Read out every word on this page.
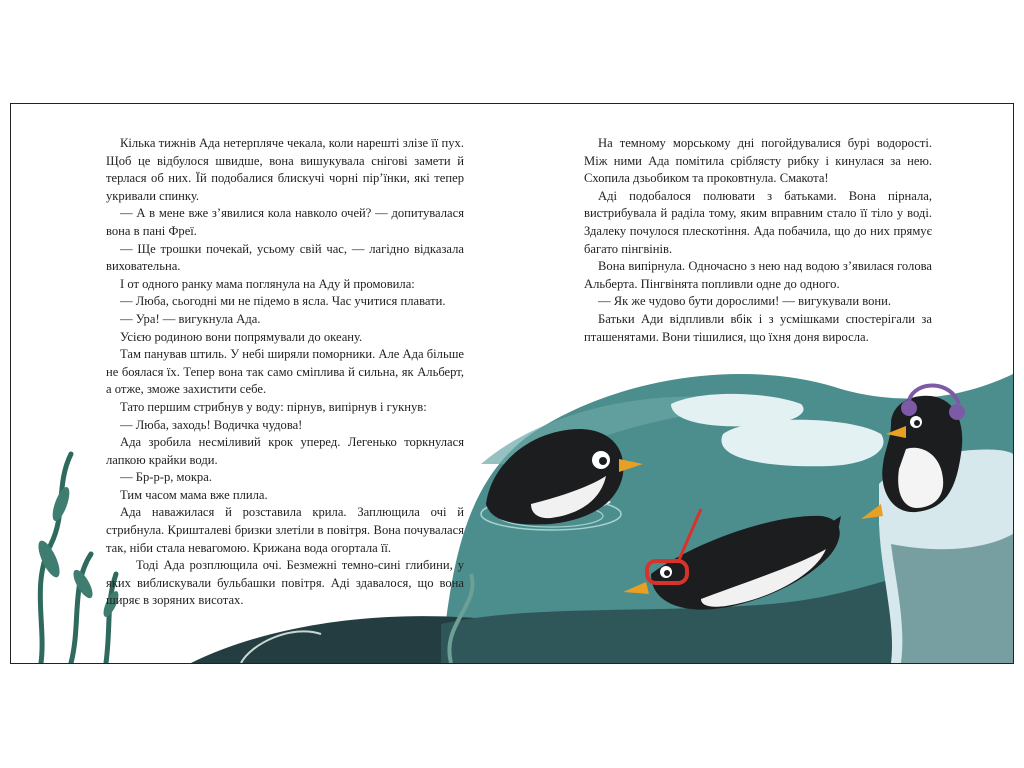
Кілька тижнів Ада нетерпляче чекала, коли нарешті злізе її пух. Щоб це відбулося швидше, вона вишукувала снігові замети й терлася об них. Їй подобалися блискучі чорні пір’їнки, які тепер укривали спинку.

— А в мене вже з’явилися кола навколо очей? — допитувалася вона в пані Фреї.

— Ще трошки почекай, усьому свій час, — лагідно відказала виховательна.

І от одного ранку мама поглянула на Аду й промовила:

— Люба, сьогодні ми не підемо в ясла. Час учитися плавати.

— Ура! — вигукнула Ада.

Усією родиною вони попрямували до океану.

Там панував штиль. У небі ширяли поморники. Але Ада більше не боялася їх. Тепер вона так само сміплива й сильна, як Альберт, а отже, зможе захистити себе.

Тато першим стрибнув у воду: пірнув, випірнув і гукнув:

— Люба, заходь! Водичка чудова!

Ада зробила несміливий крок уперед. Легенько торкнулася лапкою крайки води.

— Бр-р-р, мокра.

Тим часом мама вже плила.

Ада наважилася й розставила крила. Заплющила очі й стрибнула. Кришталеві бризки злетіли в повітря. Вона почувалася так, ніби стала невагомою. Крижана вода огортала її.

Тоді Ада розплющила очі. Безмежні темно-сині глибини, у яких виблискували бульбашки повітря. Аді здавалося, що вона ширяє в зоряних висотах.

На темному морському дні погойдувалися бурі водорості. Між ними Ада помітила сріблясту рибку і кинулася за нею. Схопила дзьобиком та проковтнула. Смакота!

Аді подобалося полювати з батьками. Вона пірнала, вистрибувала й раділа тому, яким вправним стало її тіло у воді. Здалеку почулося плескотіння. Ада побачила, що до них прямує багато пінгвінів.

Вона випірнула. Одночасно з нею над водою з’явилася голова Альберта. Пінгвінята попливли одне до одного.

— Як же чудово бути дорослими! — вигукували вони.

Батьки Ади відпливли вбік і з усмішками спостерігали за пташенятами. Вони тішилися, що їхня доня виросла.
